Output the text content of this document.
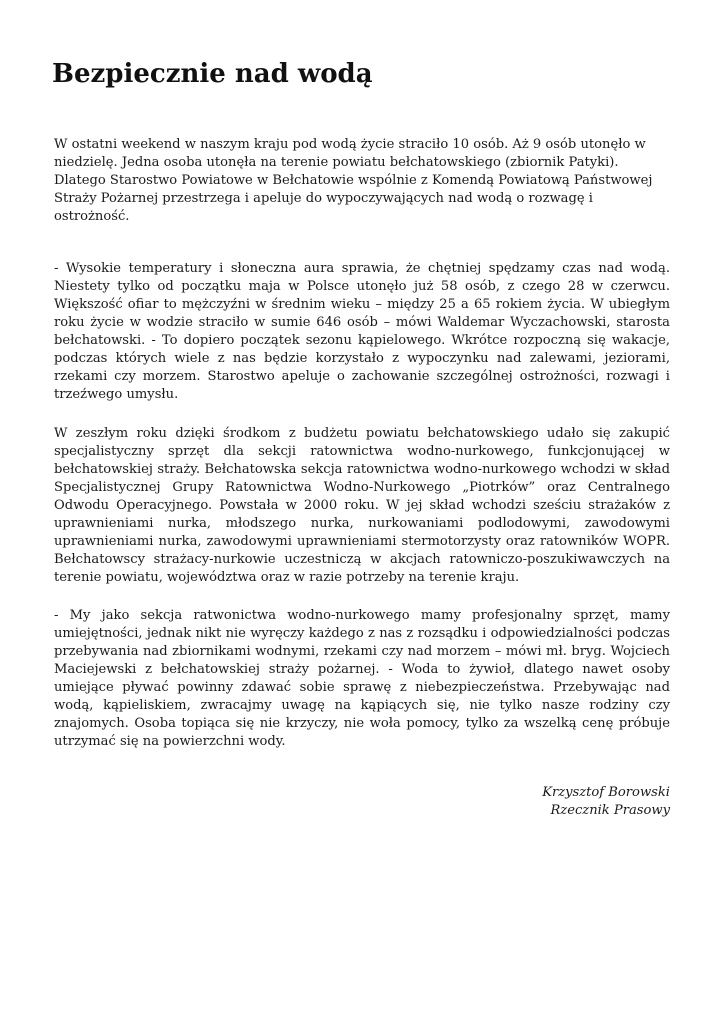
Bezpiecznie nad wodą

W ostatni weekend w naszym kraju pod wodą życie straciło 10 osób. Aż 9 osób utonęło w niedzielę. Jedna osoba utonęła na terenie powiatu bełchatowskiego (zbiornik Patyki). Dlatego Starostwo Powiatowe w Bełchatowie wspólnie z Komendą Powiatową Państwowej Straży Pożarnej przestrzega i apeluje do wypoczywających nad wodą o rozwagę i ostrożność.

- Wysokie temperatury i słoneczna aura sprawia, że chętniej spędzamy czas nad wodą. Niestety tylko od początku maja w Polsce utonęło już 58 osób, z czego 28 w czerwcu. Większość ofiar to mężczyźni w średnim wieku – między 25 a 65 rokiem życia. W ubiegłym roku życie w wodzie straciło w sumie 646 osób – mówi Waldemar Wyczachowski, starosta bełchatowski. - To dopiero początek sezonu kąpielowego. Wkrótce rozpoczną się wakacje, podczas których wiele z nas będzie korzystało z wypoczynku nad zalewami, jeziorami, rzekami czy morzem. Starostwo apeluje o zachowanie szczególnej ostrożności, rozwagi i trzeźwego umysłu.

W zeszłym roku dzięki środkom z budżetu powiatu bełchatowskiego udało się zakupić specjalistyczny sprzęt dla sekcji ratownictwa wodno-nurkowego, funkcjonującej w bełchatowskiej straży. Bełchatowska sekcja ratownictwa wodno-nurkowego wchodzi w skład Specjalistycznej Grupy Ratownictwa Wodno-Nurkowego „Piotrków” oraz Centralnego Odwodu Operacyjnego. Powstała w 2000 roku. W jej skład wchodzi sześciu strażaków z uprawnieniami nurka, młodszego nurka, nurkowaniami podlodowymi, zawodowymi uprawnieniami nurka, zawodowymi uprawnieniami stermotorzysty oraz ratowników WOPR. Bełchatowscy strażacy-nurkowie uczestniczą w akcjach ratowniczo-poszukiwawczych na terenie powiatu, województwa oraz w razie potrzeby na terenie kraju.

- My jako sekcja ratwonictwa wodno-nurkowego mamy profesjonalny sprzęt, mamy umiejętności, jednak nikt nie wyręczy każdego z nas z rozsądku i odpowiedzialności podczas przebywania nad zbiornikami wodnymi, rzekami czy nad morzem – mówi mł. bryg. Wojciech Maciejewski z bełchatowskiej straży pożarnej. - Woda to żywioł, dlatego nawet osoby umiejące pływać powinny zdawać sobie sprawę z niebezpieczeństwa. Przebywając nad wodą, kąpieliskiem, zwracajmy uwagę na kąpiących się, nie tylko nasze rodziny czy znajomych. Osoba topiąca się nie krzyczy, nie woła pomocy, tylko za wszelką cenę próbuje utrzymać się na powierzchni wody.

Krzysztof Borowski
Rzecznik Prasowy
